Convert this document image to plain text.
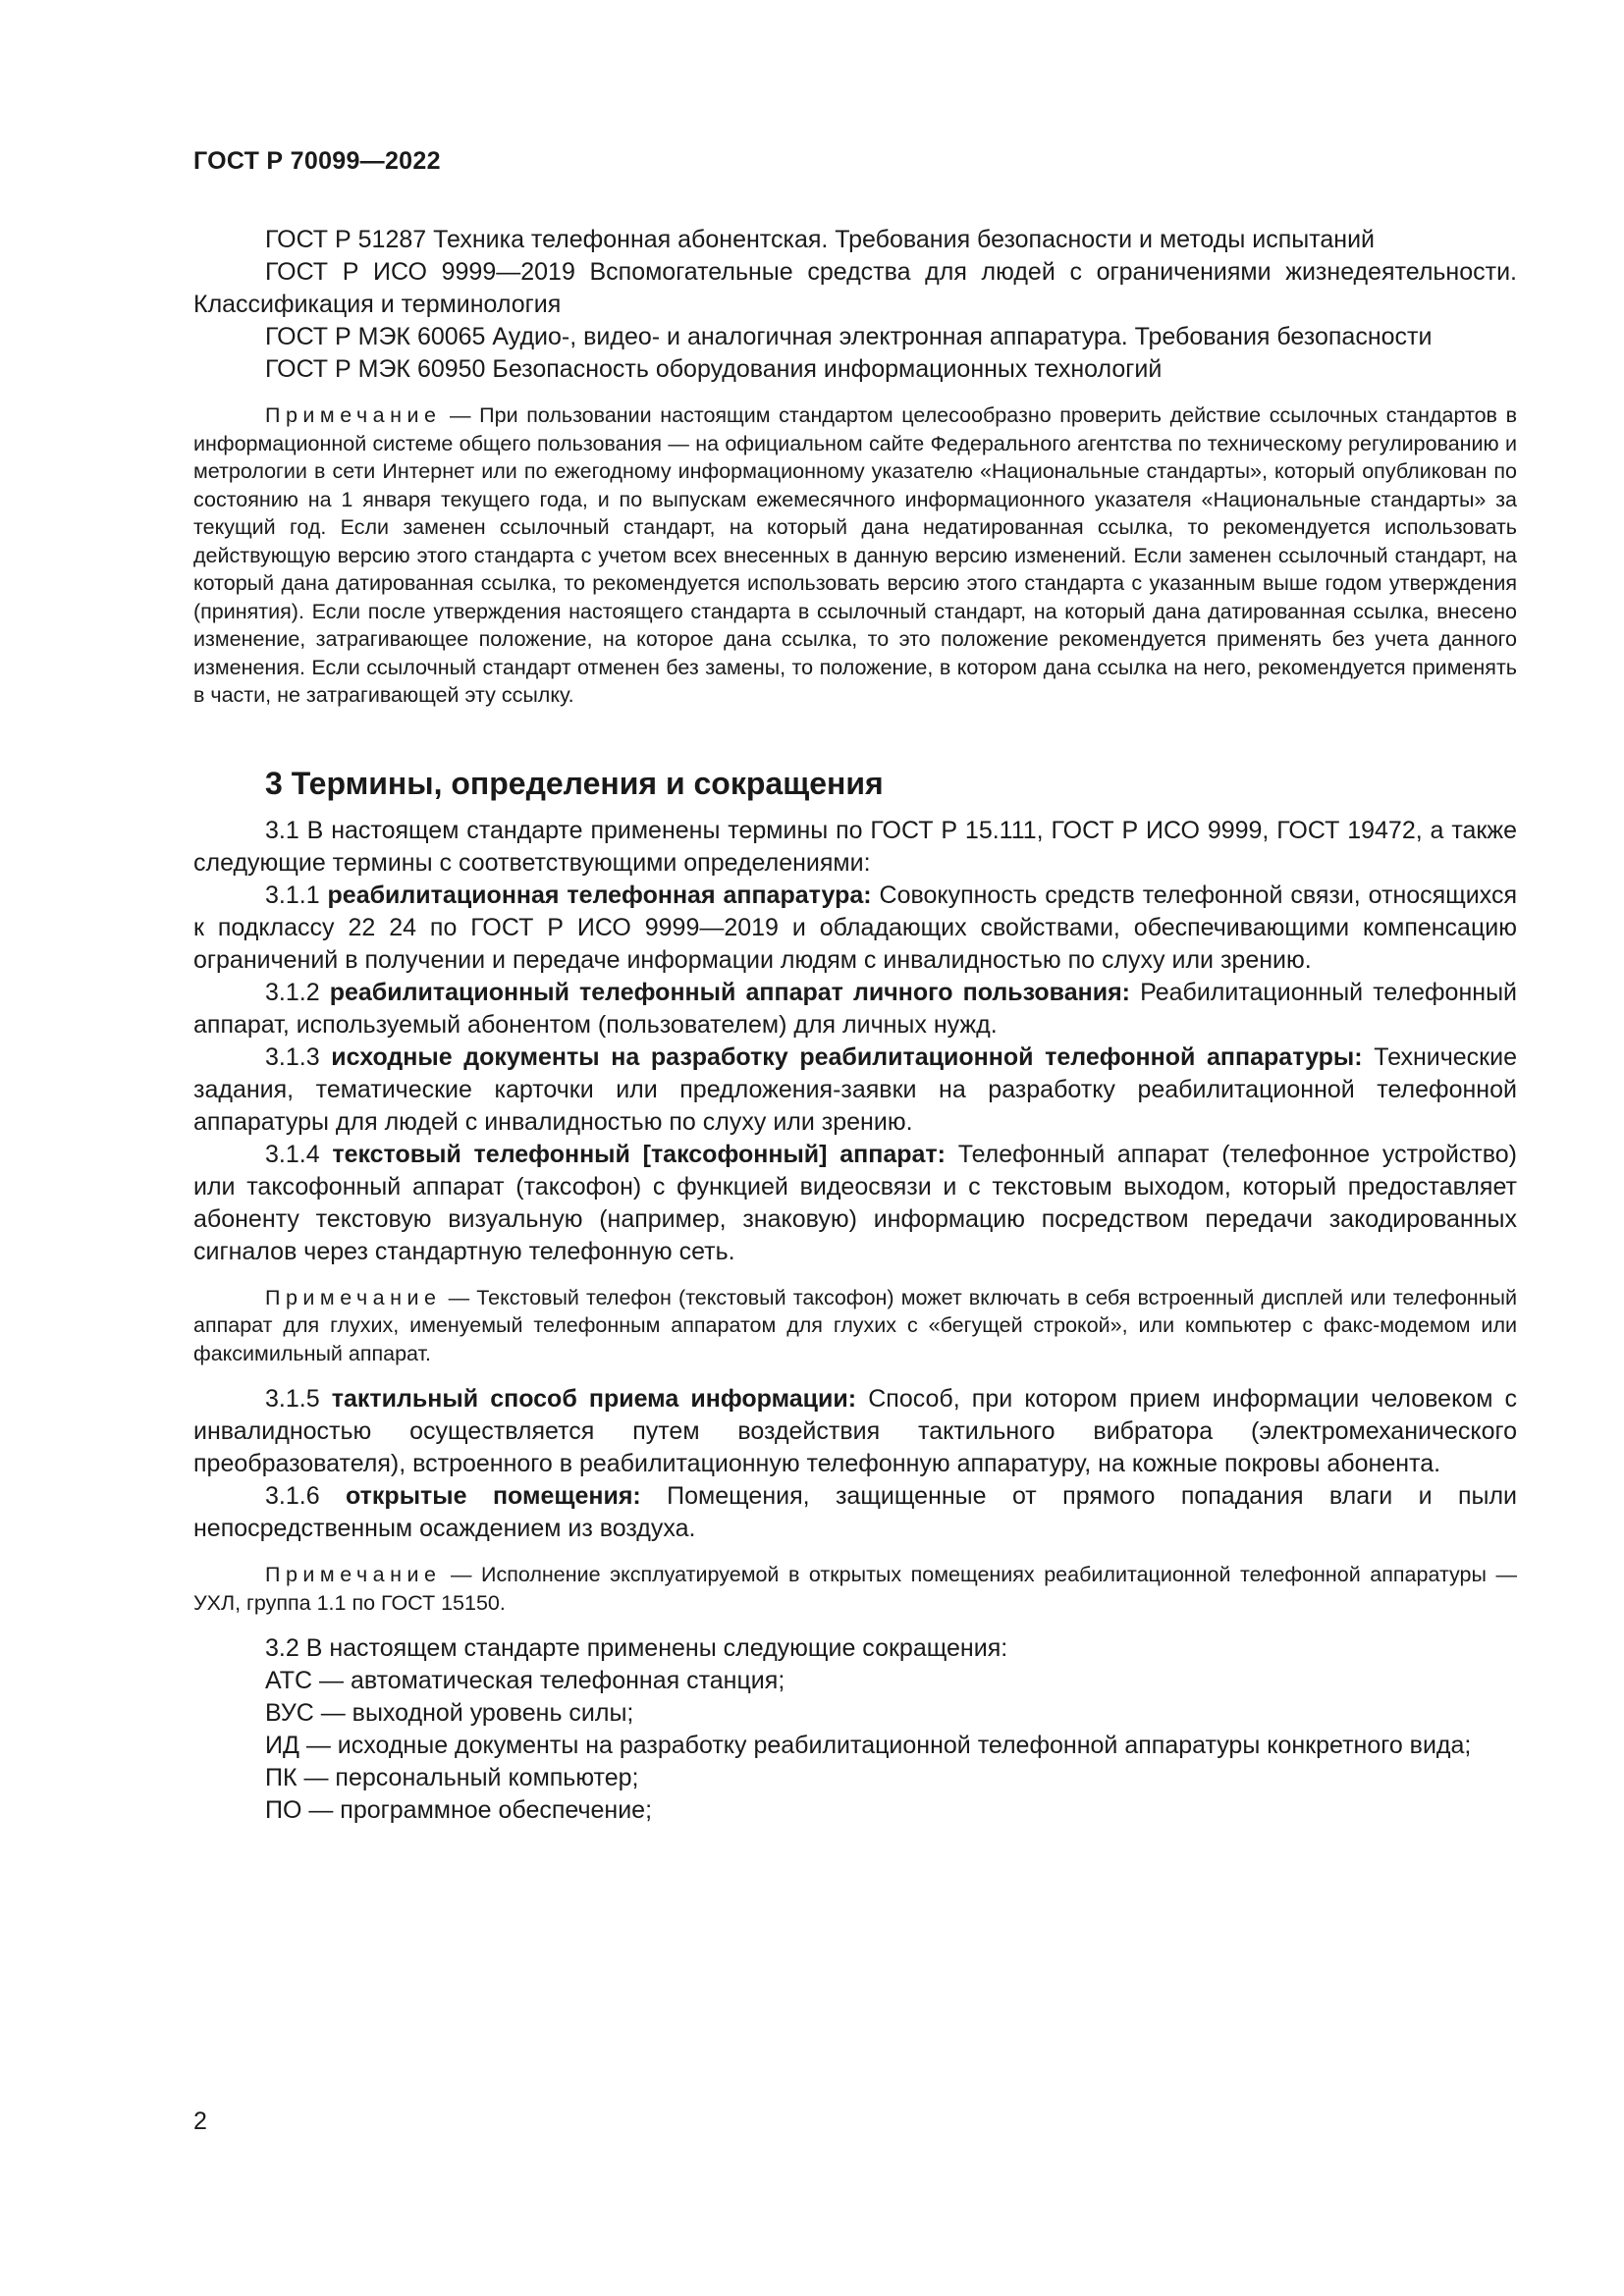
ГОСТ Р 70099—2022

ГОСТ Р 51287 Техника телефонная абонентская. Требования безопасности и методы испытаний

ГОСТ Р ИСО 9999—2019 Вспомогательные средства для людей с ограничениями жизнедеятельности. Классификация и терминология

ГОСТ Р МЭК 60065 Аудио-, видео- и аналогичная электронная аппаратура. Требования безопасности

ГОСТ Р МЭК 60950 Безопасность оборудования информационных технологий

Примечание — При пользовании настоящим стандартом целесообразно проверить действие ссылочных стандартов в информационной системе общего пользования — на официальном сайте Федерального агентства по техническому регулированию и метрологии в сети Интернет или по ежегодному информационному указателю «Национальные стандарты», который опубликован по состоянию на 1 января текущего года, и по выпускам ежемесячного информационного указателя «Национальные стандарты» за текущий год. Если заменен ссылочный стандарт, на который дана недатированная ссылка, то рекомендуется использовать действующую версию этого стандарта с учетом всех внесенных в данную версию изменений. Если заменен ссылочный стандарт, на который дана датированная ссылка, то рекомендуется использовать версию этого стандарта с указанным выше годом утверждения (принятия). Если после утверждения настоящего стандарта в ссылочный стандарт, на который дана датированная ссылка, внесено изменение, затрагивающее положение, на которое дана ссылка, то это положение рекомендуется применять без учета данного изменения. Если ссылочный стандарт отменен без замены, то положение, в котором дана ссылка на него, рекомендуется применять в части, не затрагивающей эту ссылку.

3 Термины, определения и сокращения

3.1 В настоящем стандарте применены термины по ГОСТ Р 15.111, ГОСТ Р ИСО 9999, ГОСТ 19472, а также следующие термины с соответствующими определениями:

3.1.1 реабилитационная телефонная аппаратура: Совокупность средств телефонной связи, относящихся к подклассу 22 24 по ГОСТ Р ИСО 9999—2019 и обладающих свойствами, обеспечивающими компенсацию ограничений в получении и передаче информации людям с инвалидностью по слуху или зрению.

3.1.2 реабилитационный телефонный аппарат личного пользования: Реабилитационный телефонный аппарат, используемый абонентом (пользователем) для личных нужд.

3.1.3 исходные документы на разработку реабилитационной телефонной аппаратуры: Технические задания, тематические карточки или предложения-заявки на разработку реабилитационной телефонной аппаратуры для людей с инвалидностью по слуху или зрению.

3.1.4 текстовый телефонный [таксофонный] аппарат: Телефонный аппарат (телефонное устройство) или таксофонный аппарат (таксофон) с функцией видеосвязи и с текстовым выходом, который предоставляет абоненту текстовую визуальную (например, знаковую) информацию посредством передачи закодированных сигналов через стандартную телефонную сеть.

Примечание — Текстовый телефон (текстовый таксофон) может включать в себя встроенный дисплей или телефонный аппарат для глухих, именуемый телефонным аппаратом для глухих с «бегущей строкой», или компьютер с факс-модемом или факсимильный аппарат.

3.1.5 тактильный способ приема информации: Способ, при котором прием информации человеком с инвалидностью осуществляется путем воздействия тактильного вибратора (электромеханического преобразователя), встроенного в реабилитационную телефонную аппаратуру, на кожные покровы абонента.

3.1.6 открытые помещения: Помещения, защищенные от прямого попадания влаги и пыли непосредственным осаждением из воздуха.

Примечание — Исполнение эксплуатируемой в открытых помещениях реабилитационной телефонной аппаратуры — УХЛ, группа 1.1 по ГОСТ 15150.

3.2 В настоящем стандарте применены следующие сокращения:

АТС — автоматическая телефонная станция;

ВУС — выходной уровень силы;

ИД — исходные документы на разработку реабилитационной телефонной аппаратуры конкретного вида;

ПК — персональный компьютер;

ПО — программное обеспечение;

2
